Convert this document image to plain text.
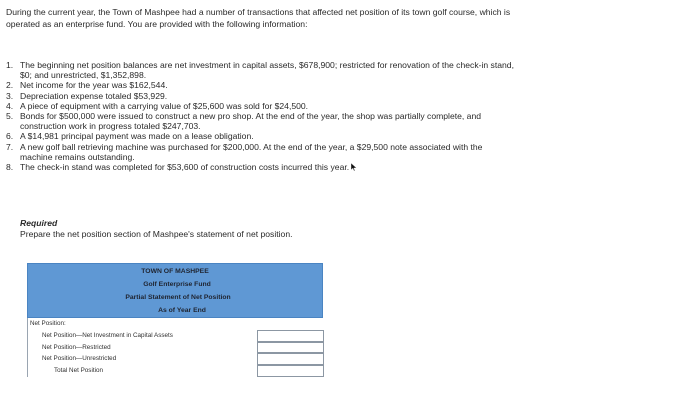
During the current year, the Town of Mashpee had a number of transactions that affected net position of its town golf course, which is
operated as an enterprise fund. You are provided with the following information:
1. The beginning net position balances are net investment in capital assets, $678,900; restricted for renovation of the check-in stand,
$0; and unrestricted, $1,352,898.
2. Net income for the year was $162,544.
3. Depreciation expense totaled $53,929.
4. A piece of equipment with a carrying value of $25,600 was sold for $24,500.
5. Bonds for $500,000 were issued to construct a new pro shop. At the end of the year, the shop was partially complete, and
construction work in progress totaled $247,703.
6. A $14,981 principal payment was made on a lease obligation.
7. A new golf ball retrieving machine was purchased for $200,000. At the end of the year, a $29,500 note associated with the
machine remains outstanding.
8. The check-in stand was completed for $53,600 of construction costs incurred this year.
Required
Prepare the net position section of Mashpee's statement of net position.
TOWN OF MASHPEE
Golf Enterprise Fund
Partial Statement of Net Position
As of Year End
Net Position:
Net Position—Net Investment in Capital Assets
Net Position—Restricted
Net Position—Unrestricted
Total Net Position
